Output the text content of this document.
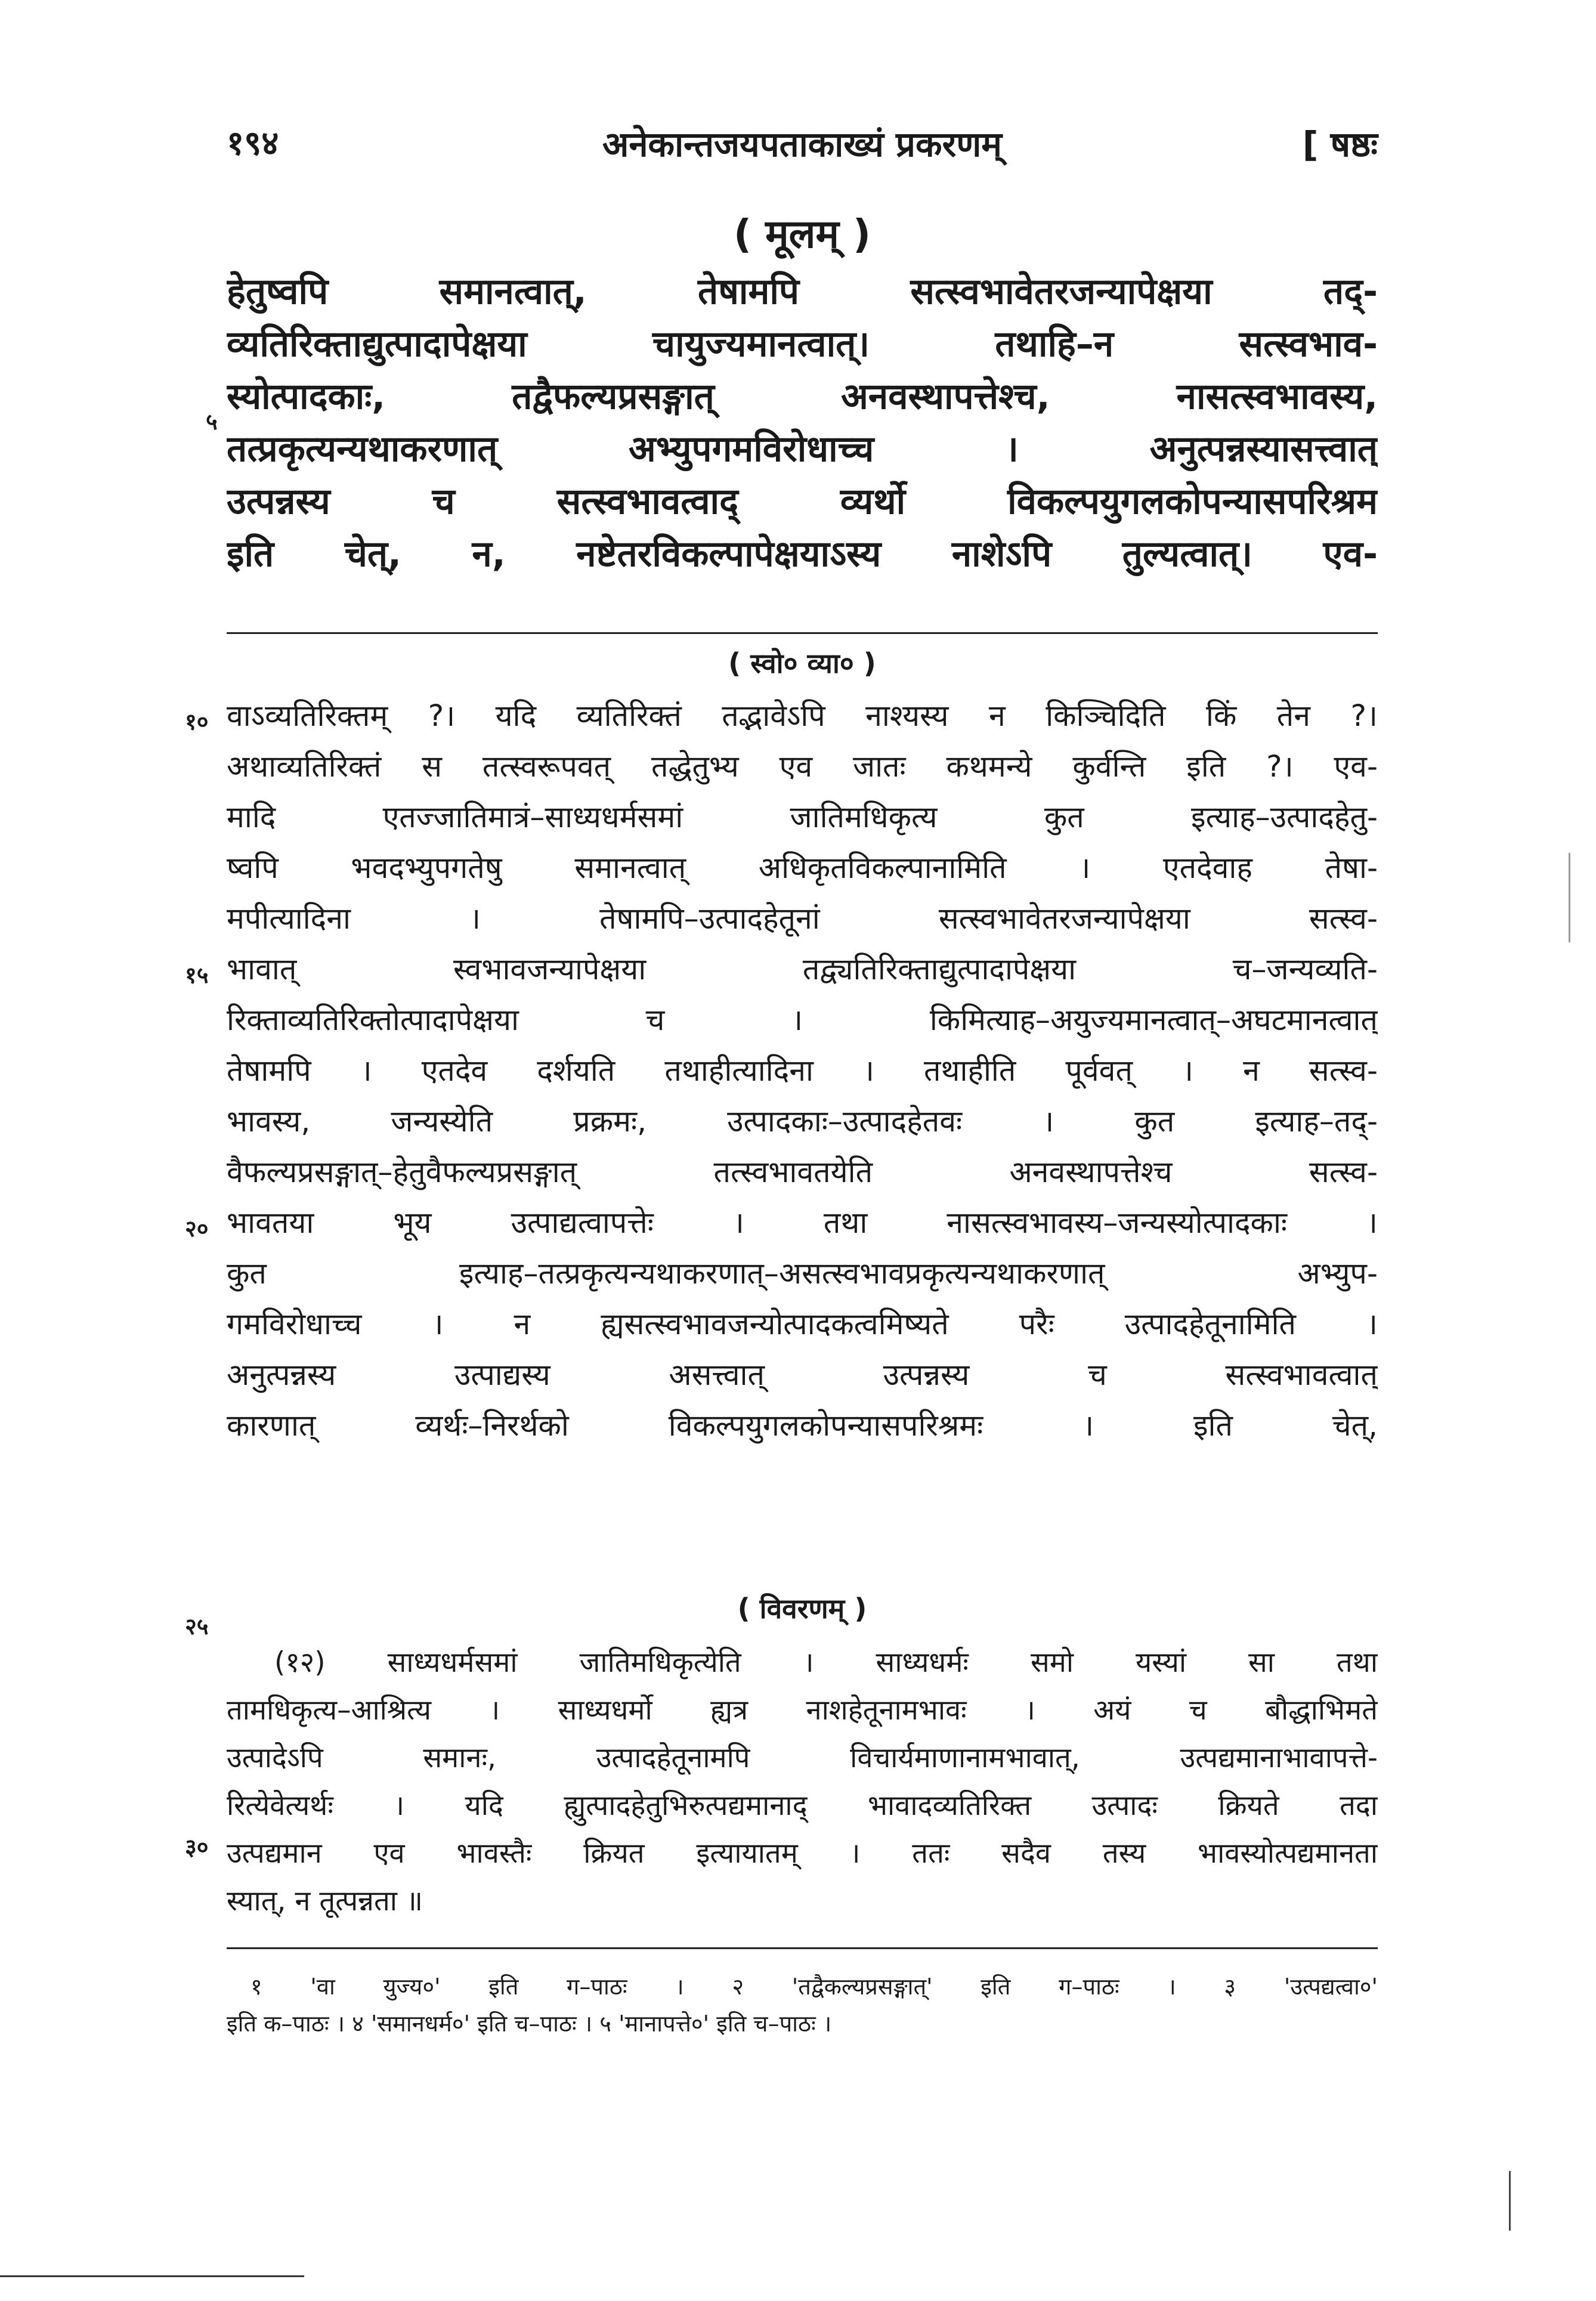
१९४	अनेकान्तजयपताकाख्यं प्रकरणम्	[ षष्ठः
( मूलम् )
हेतुष्वपि समानत्वात्, तेषामपि सत्स्वभावेतरजन्यापेक्षया तद्-
व्यतिरिक्ताद्युत्पादापेक्षया चायुज्यमानत्वात्। तथाहि–न सत्स्वभाव-
स्योत्पादकाः, तद्वैफल्यप्रसङ्गात् अनवस्थापत्तेश्च, नासत्स्वभावस्य,
तत्प्रकृत्यन्यथाकरणात् अभ्युपगमविरोधाच्च । अनुत्पन्नस्यासत्त्वात्
उत्पन्नस्य च सत्स्वभावत्वाद् व्यर्थो विकल्पयुगलकोपन्यासपरिश्रम
इति चेत्, न, नष्टेतरविकल्पापेक्षयाऽस्य नाशेऽपि तुल्यत्वात्। एव-
५
( स्वो० व्या० )
वाऽव्यतिरिक्तम् ?। यदि व्यतिरिक्तं तद्भावेऽपि नाश्यस्य न किञ्चिदिति किं तेन ?।
अथाव्यतिरिक्तं स तत्स्वरूपवत् तद्धेतुभ्य एव जातः कथमन्ये कुर्वन्ति इति ?। एव-
मादि एतज्जातिमात्रं–साध्यधर्मसमां जातिमधिकृत्य कुत इत्याह–उत्पादहेतु-
ष्वपि भवदभ्युपगतेषु समानत्वात् अधिकृतविकल्पानामिति । एतदेवाह तेषा-
मपीत्यादिना । तेषामपि–उत्पादहेतूनां सत्स्वभावेतरजन्यापेक्षया सत्स्व-
भावात् स्वभावजन्यापेक्षया तद्व्यतिरिक्ताद्युत्पादापेक्षया च–जन्यव्यति-
रिक्ताव्यतिरिक्तोत्पादापेक्षया च । किमित्याह–अयुज्यमानत्वात्–अघटमानत्वात्
तेषामपि । एतदेव दर्शयति तथाहीत्यादिना । तथाहीति पूर्ववत् । न सत्स्व-
भावस्य, जन्यस्येति प्रक्रमः, उत्पादकाः–उत्पादहेतवः । कुत इत्याह–तद्-
वैफल्यप्रसङ्गात्–हेतुवैफल्यप्रसङ्गात् तत्स्वभावतयेति अनवस्थापत्तेश्च सत्स्व-
भावतया भूय उत्पाद्यत्वापत्तेः । तथा नासत्स्वभावस्य–जन्यस्योत्पादकाः ।
कुत इत्याह–तत्प्रकृत्यन्यथाकरणात्–असत्स्वभावप्रकृत्यन्यथाकरणात् अभ्युप-
गमविरोधाच्च । न ह्यसत्स्वभावजन्योत्पादकत्वमिष्यते परैः उत्पादहेतूनामिति ।
अनुत्पन्नस्य उत्पाद्यस्य असत्त्वात् उत्पन्नस्य च सत्स्वभावत्वात्
कारणात् व्यर्थः–निरर्थको विकल्पयुगलकोपन्यासपरिश्रमः । इति चेत्,
१०
१५
२०
२५
( विवरणम् )
(१२) साध्यधर्मसमां जातिमधिकृत्येति । साध्यधर्मः समो यस्यां सा तथा
तामधिकृत्य–आश्रित्य । साध्यधर्मो ह्यत्र नाशहेतूनामभावः । अयं च बौद्धाभिमते
उत्पादेऽपि समानः, उत्पादहेतूनामपि विचार्यमाणानामभावात्, उत्पद्यमानाभावापत्ते-
रित्येवेत्यर्थः । यदि ह्युत्पादहेतुभिरुत्पद्यमानाद् भावादव्यतिरिक्त उत्पादः क्रियते तदा
उत्पद्यमान एव भावस्तैः क्रियत इत्यायातम् । ततः सदैव तस्य भावस्योत्पद्यमानता
स्यात्, न तूत्पन्नता ॥
३०
१ 'वा युज्य०' इति ग–पाठः । २ 'तद्वैकल्यप्रसङ्गात्' इति ग–पाठः । ३ 'उत्पद्यत्वा०'
इति क–पाठः । ४ 'समानधर्म०' इति च–पाठः । ५ 'मानापत्ते०' इति च–पाठः ।
